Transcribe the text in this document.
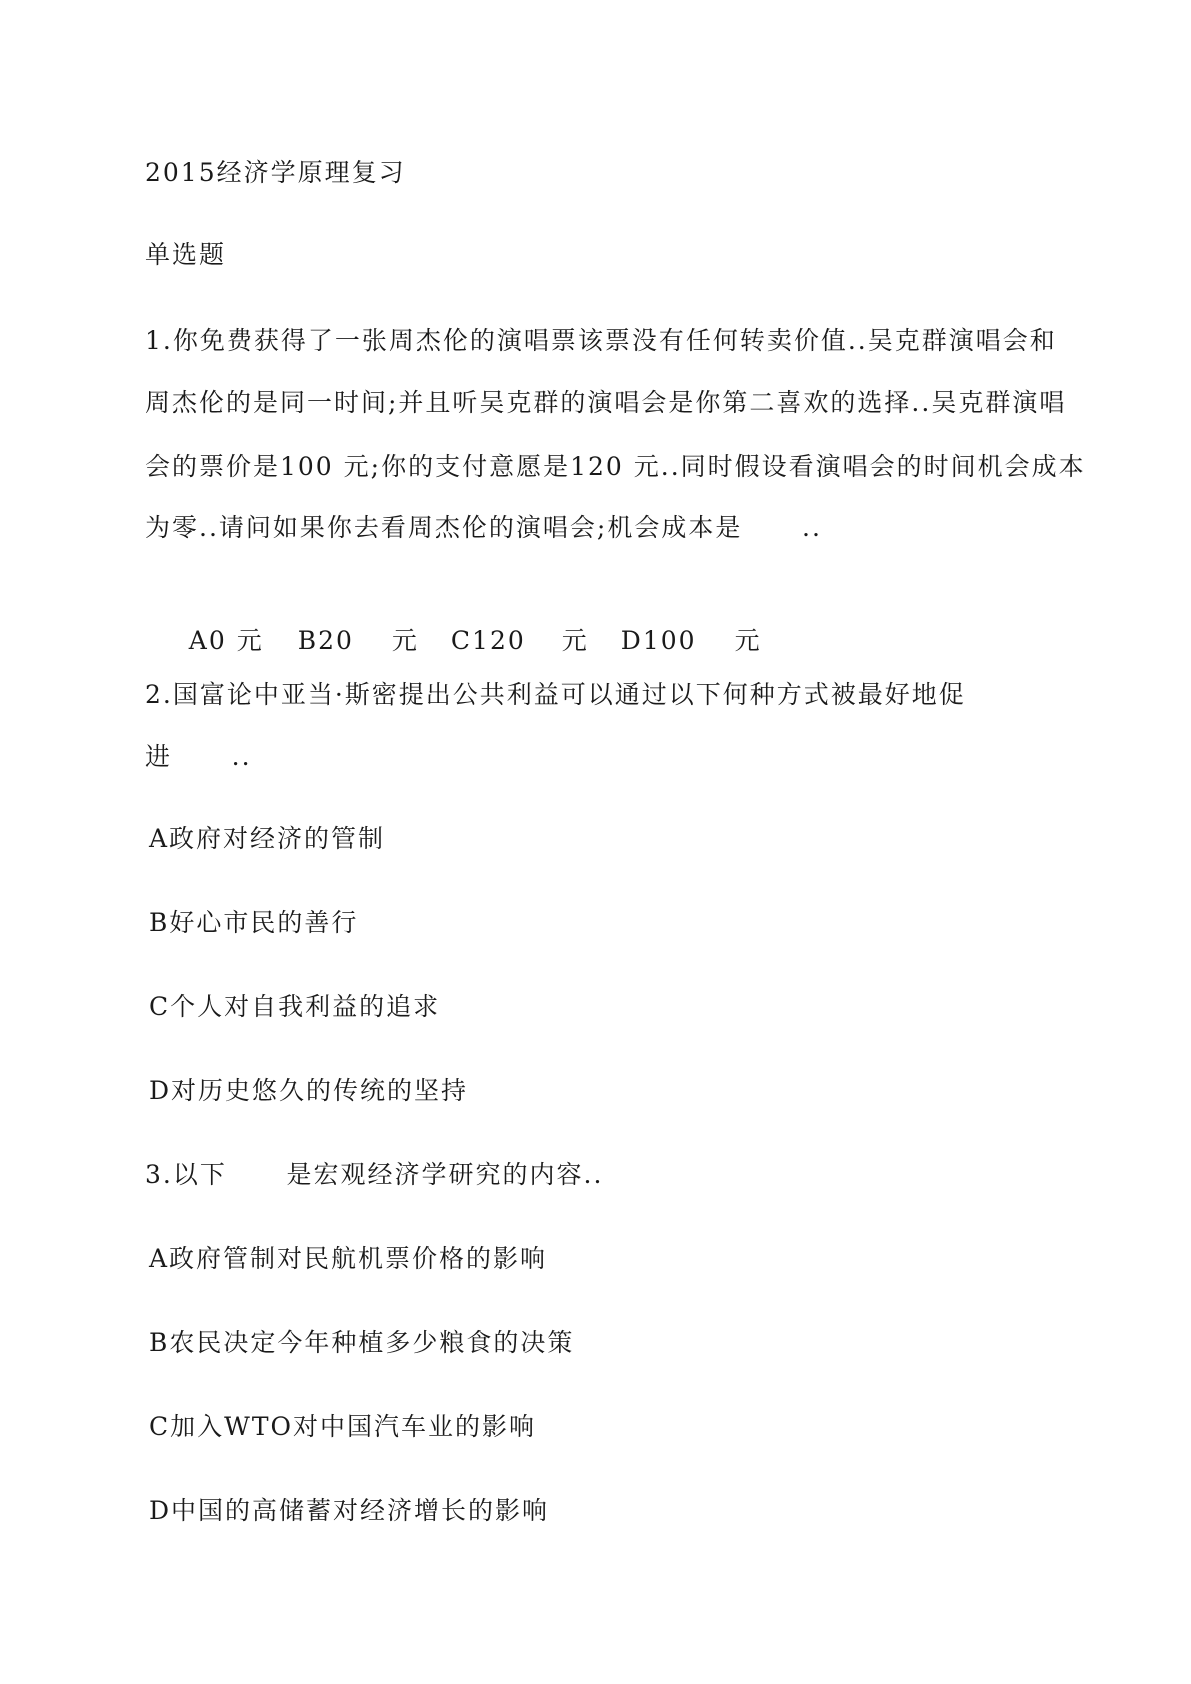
2015经济学原理复习
单选题
1.你免费获得了一张周杰伦的演唱票该票没有任何转卖价值..吴克群演唱会和
周杰伦的是同一时间;并且听吴克群的演唱会是你第二喜欢的选择..吴克群演唱
会的票价是100 元;你的支付意愿是120 元..同时假设看演唱会的时间机会成本
为零..请问如果你去看周杰伦的演唱会;机会成本是      ..

A0 元 B20 元 C120 元 D100 元

2.国富论中亚当·斯密提出公共利益可以通过以下何种方式被最好地促
进      ..
A政府对经济的管制
B好心市民的善行
C个人对自我利益的追求
D对历史悠久的传统的坚持
3.以下      是宏观经济学研究的内容..
A政府管制对民航机票价格的影响
B农民决定今年种植多少粮食的决策
C加入WTO对中国汽车业的影响
D中国的高储蓄对经济增长的影响
